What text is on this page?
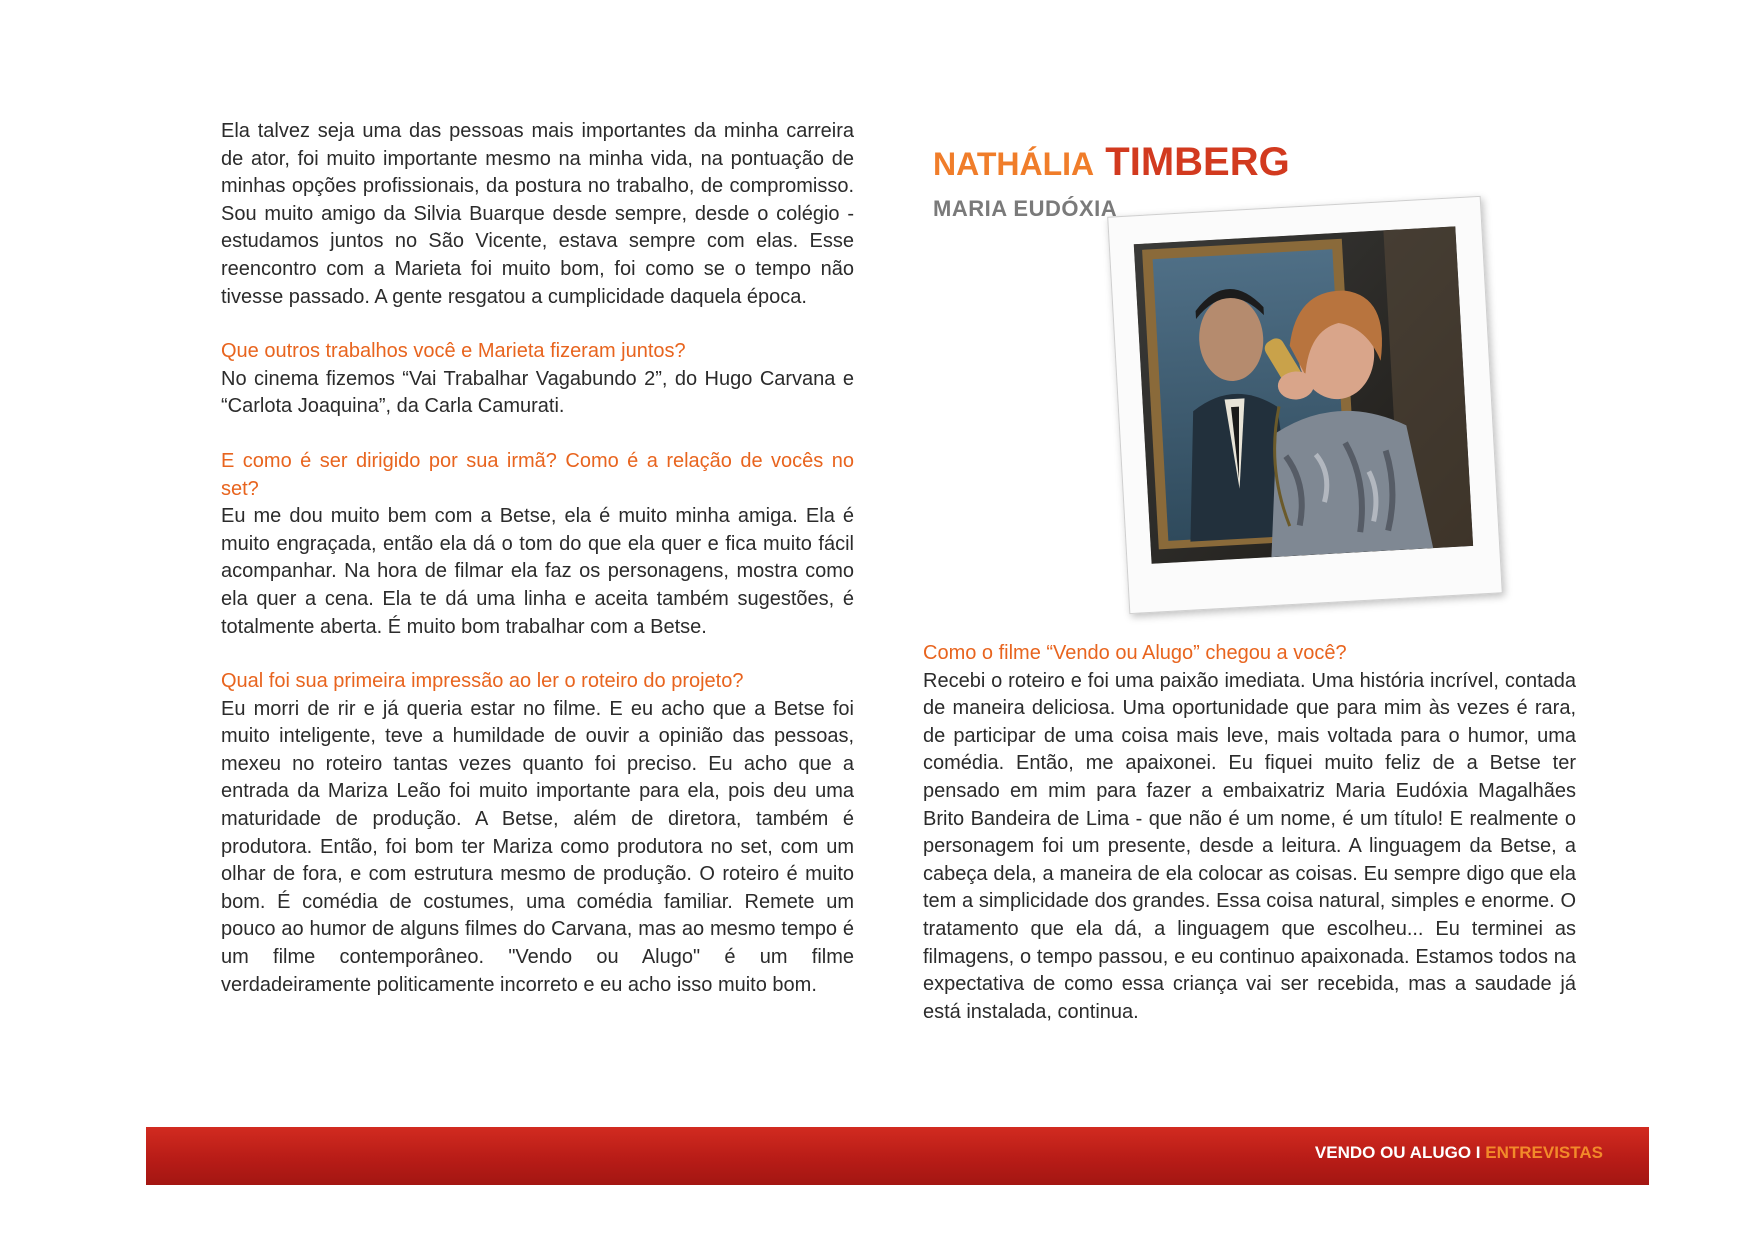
Ela talvez seja uma das pessoas mais importantes da minha carreira de ator, foi muito importante mesmo na minha vida, na pontuação de minhas opções profissionais, da postura no trabalho, de compromisso. Sou muito amigo da Silvia Buarque desde sempre, desde o colégio - estudamos juntos no São Vicente, estava sempre com elas. Esse reencontro com a Marieta foi muito bom, foi como se o tempo não tivesse passado. A gente resgatou a cumplicidade daquela época.

Que outros trabalhos você e Marieta fizeram juntos?
No cinema fizemos “Vai Trabalhar Vagabundo 2”, do Hugo Carvana e “Carlota Joaquina”, da Carla Camurati.

E como é ser dirigido por sua irmã? Como é a relação de vocês no set?
Eu me dou muito bem com a Betse, ela é muito minha amiga. Ela é muito engraçada, então ela dá o tom do que ela quer e fica muito fácil acompanhar. Na hora de filmar ela faz os personagens, mostra como ela quer a cena. Ela te dá uma linha e aceita também sugestões, é totalmente aberta. É muito bom trabalhar com a Betse.

Qual foi sua primeira impressão ao ler o roteiro do projeto?
Eu morri de rir e já queria estar no filme. E eu acho que a Betse foi muito inteligente, teve a humildade de ouvir a opinião das pessoas, mexeu no roteiro tantas vezes quanto foi preciso. Eu acho que a entrada da Mariza Leão foi muito importante para ela, pois deu uma maturidade de produção. A Betse, além de diretora, também é produtora. Então, foi bom ter Mariza como produtora no set, com um olhar de fora, e com estrutura mesmo de produção. O roteiro é muito bom. É comédia de costumes, uma comédia familiar. Remete um pouco ao humor de alguns filmes do Carvana, mas ao mesmo tempo é um filme contemporâneo. "Vendo ou Alugo" é um filme verdadeiramente politicamente incorreto e eu acho isso muito bom.

NATHÁLIA TIMBERG
MARIA EUDÓXIA

Como o filme “Vendo ou Alugo” chegou a você?
Recebi o roteiro e foi uma paixão imediata. Uma história incrível, contada de maneira deliciosa. Uma oportunidade que para mim às vezes é rara, de participar de uma coisa mais leve, mais voltada para o humor, uma comédia. Então, me apaixonei. Eu fiquei muito feliz de a Betse ter pensado em mim para fazer a embaixatriz Maria Eudóxia Magalhães Brito Bandeira de Lima - que não é um nome, é um título! E realmente o personagem foi um presente, desde a leitura. A linguagem da Betse, a cabeça dela, a maneira de ela colocar as coisas. Eu sempre digo que ela tem a simplicidade dos grandes. Essa coisa natural, simples e enorme. O tratamento que ela dá, a linguagem que escolheu... Eu terminei as filmagens, o tempo passou, e eu continuo apaixonada. Estamos todos na expectativa de como essa criança vai ser recebida, mas a saudade já está instalada, continua.

VENDO OU ALUGO I ENTREVISTAS
